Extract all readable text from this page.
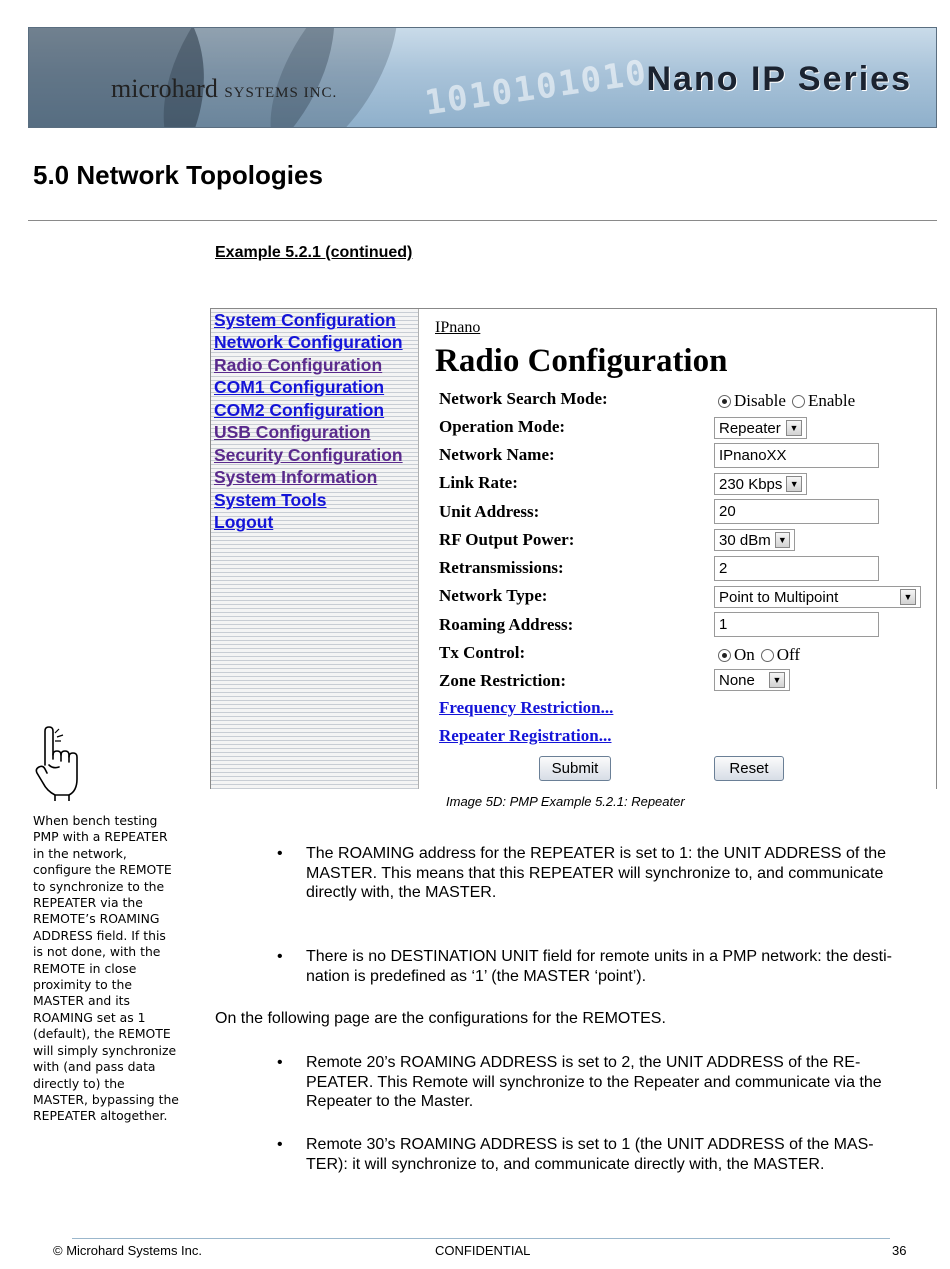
1010101010
microhard SYSTEMS INC.	Nano IP Series
5.0 Network Topologies
Example 5.2.1 (continued)
System Configuration
Network Configuration
Radio Configuration
COM1 Configuration
COM2 Configuration
USB Configuration
Security Configuration
System Information
System Tools
Logout
IPnano
Radio Configuration
Network Search Mode:	Disable Enable
Operation Mode:	Repeater ▼
Network Name:	IPnanoXX
Link Rate:	230 Kbps ▼
Unit Address:	20
RF Output Power:	30 dBm ▼
Retransmissions:	2
Network Type:	Point to Multipoint	▼
Roaming Address:	1
Tx Control:	On Off
Zone Restriction:	None	▼
Frequency Restriction...
Repeater Registration...
Submit	Reset
Image 5D: PMP Example 5.2.1: Repeater
When bench testing
PMP with a REPEATER
in the network,
configure the REMOTE
to synchronize to the
REPEATER via the
REMOTE’s ROAMING
ADDRESS field. If this
is not done, with the
REMOTE in close
proximity to the
MASTER and its
ROAMING set as 1
(default), the REMOTE
will simply synchronize
with (and pass data
directly to) the
MASTER, bypassing the
REPEATER altogether.
• The ROAMING address for the REPEATER is set to 1: the UNIT ADDRESS of the
MASTER. This means that this REPEATER will synchronize to, and communicate
directly with, the MASTER.
• There is no DESTINATION UNIT field for remote units in a PMP network: the desti-
nation is predefined as ‘1’ (the MASTER ‘point’).
On the following page are the configurations for the REMOTES.
• Remote 20’s ROAMING ADDRESS is set to 2, the UNIT ADDRESS of the RE-
PEATER. This Remote will synchronize to the Repeater and communicate via the
Repeater to the Master.
• Remote 30’s ROAMING ADDRESS is set to 1 (the UNIT ADDRESS of the MAS-
TER): it will synchronize to, and communicate directly with, the MASTER.
© Microhard Systems Inc.	CONFIDENTIAL	36
